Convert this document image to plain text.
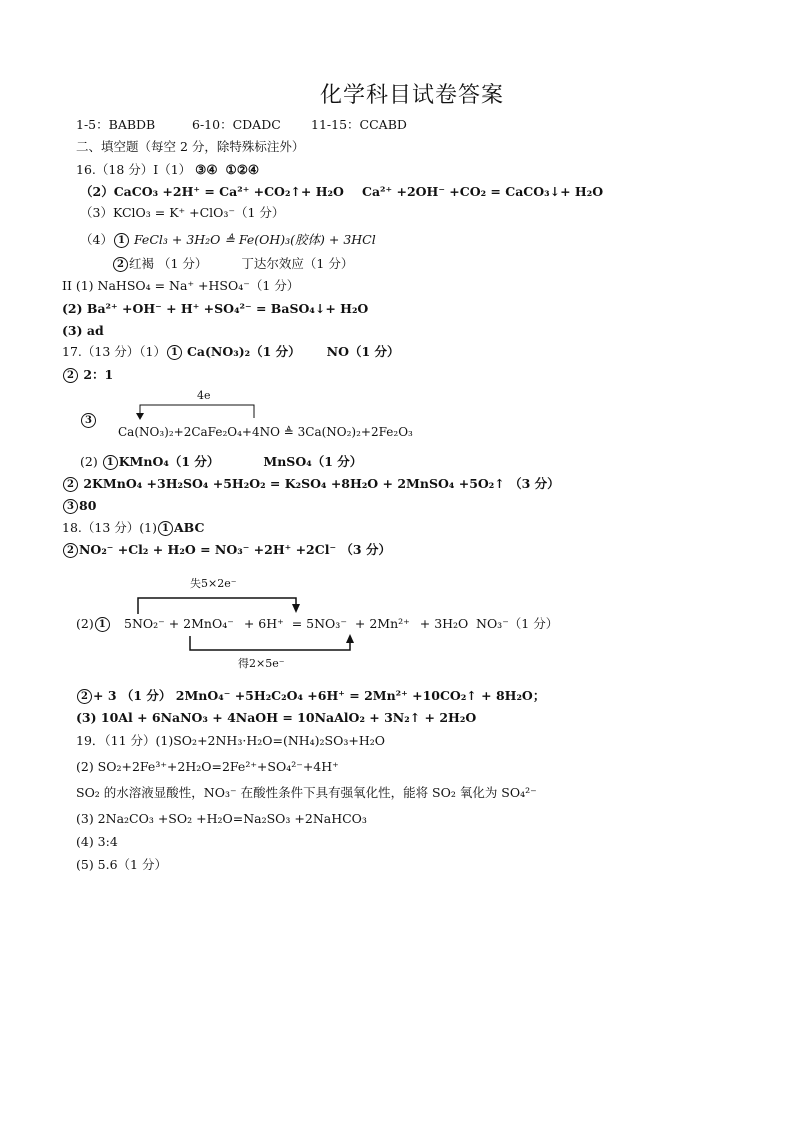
化学科目试卷答案
1-5：BABDB	6-10：CDADC 11-15：CCABD
二、填空题（每空 2 分，除特殊标注外）
16.（18 分）Ⅰ（1） ③④ ①②④
（2）CaCO₃ +2H⁺ = Ca²⁺ +CO₂↑+ H₂O Ca²⁺ +2OH⁻ +CO₂ = CaCO₃↓+ H₂O
（3）KClO₃ = K⁺ +ClO₃⁻（1 分）
（4） 1 FeCl₃ + 3H₂O ≜ Fe(OH)₃(胶体) + 3HCl
2 红褐 （1 分）	丁达尔效应（1 分）
II (1) NaHSO₄ = Na⁺ +HSO₄⁻（1 分）
(2) Ba²⁺ +OH⁻ + H⁺ +SO₄²⁻ = BaSO₄↓+ H₂O
(3) ad
17.（13 分）（1） 1 Ca(NO₃)₂（1 分） NO（1 分）
2 2：1
4e
3
Ca(NO₃)₂+2CaFe₂O₄+4NO ≜ 3Ca(NO₂)₂+2Fe₂O₃
(2) 1 KMnO₄（1 分）	MnSO₄（1 分）
2 2KMnO₄ +3H₂SO₄ +5H₂O₂ = K₂SO₄ +8H₂O + 2MnSO₄ +5O₂↑ （3 分）
3 80
18.（13 分）(1) 1 ABC
2 NO₂⁻ +Cl₂ + H₂O = NO₃⁻ +2H⁺ +2Cl⁻ （3 分）
失5×2e⁻
(2) 1	5NO₂⁻ + 2MnO₄⁻ + 6H⁺ = 5NO₃⁻ + 2Mn²⁺ + 3H₂O NO₃⁻（1 分）
得2×5e⁻
2 + 3 （1 分） 2MnO₄⁻ +5H₂C₂O₄ +6H⁺ = 2Mn²⁺ +10CO₂↑ + 8H₂O；
(3) 10Al + 6NaNO₃ + 4NaOH = 10NaAlO₂ + 3N₂↑ + 2H₂O
19．（11 分）(1)SO₂+2NH₃·H₂O=(NH₄)₂SO₃+H₂O
(2) SO₂+2Fe³⁺+2H₂O=2Fe²⁺+SO₄²⁻+4H⁺
SO₂ 的水溶液显酸性，NO₃⁻ 在酸性条件下具有强氧化性，能将 SO₂ 氧化为 SO₄²⁻
(3) 2Na₂CO₃ +SO₂ +H₂O=Na₂SO₃ +2NaHCO₃
(4) 3:4
(5) 5.6（1 分）
